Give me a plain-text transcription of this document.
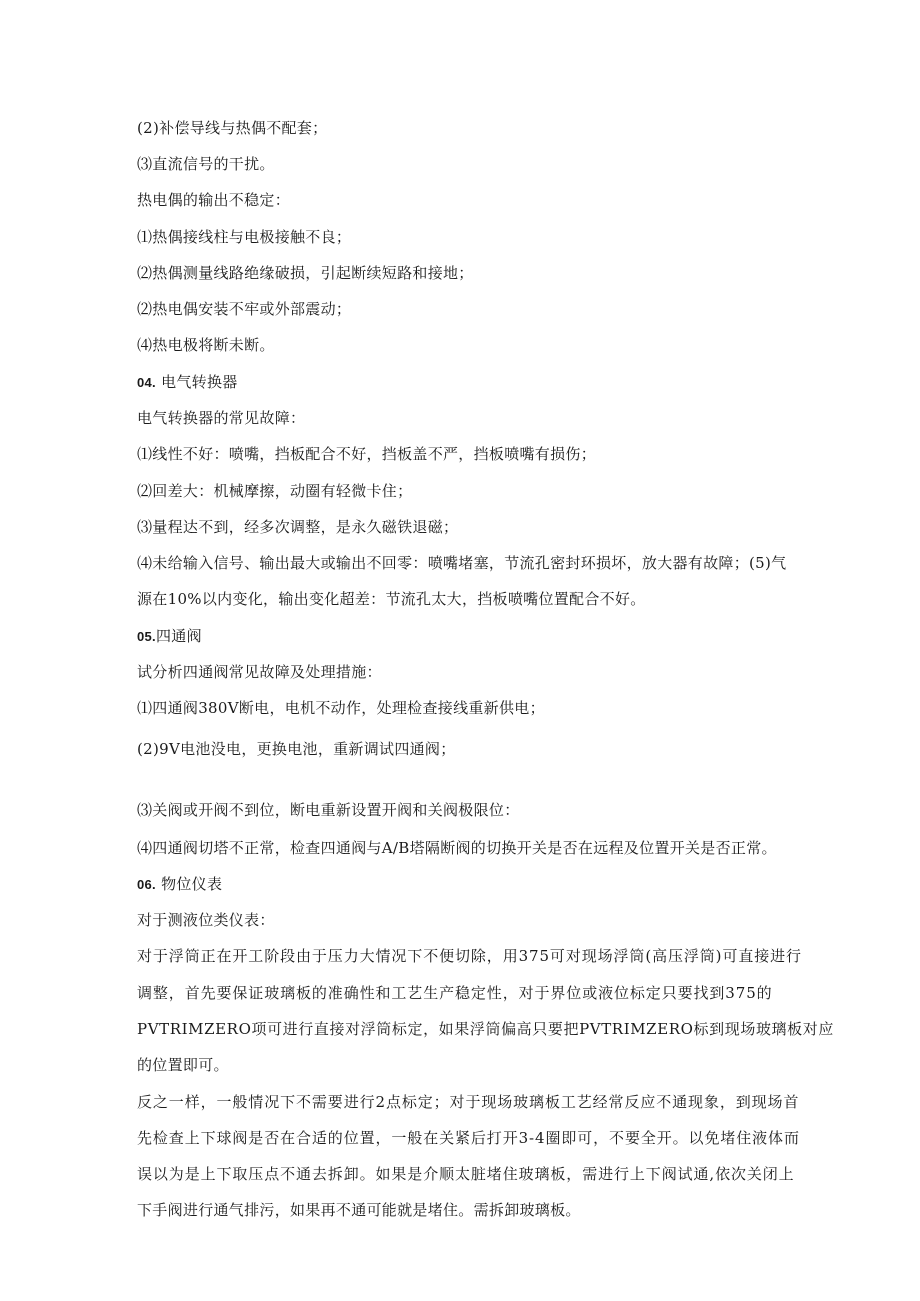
(2)补偿导线与热偶不配套；

⑶直流信号的干扰。

热电偶的输出不稳定：

⑴热偶接线柱与电极接触不良；

⑵热偶测量线路绝缘破损，引起断续短路和接地；

⑵热电偶安装不牢或外部震动；

⑷热电极将断未断。

04. 电气转换器

电气转换器的常见故障：

⑴线性不好：喷嘴，挡板配合不好，挡板盖不严，挡板喷嘴有损伤；

⑵回差大：机械摩擦，动圈有轻微卡住；

⑶量程达不到，经多次调整，是永久磁铁退磁；

⑷未给输入信号、输出最大或输出不回零：喷嘴堵塞，节流孔密封环损坏，放大器有故障；(5)气

源在10%以内变化，输出变化超差：节流孔太大，挡板喷嘴位置配合不好。

05.四通阀

试分析四通阀常见故障及处理措施：

⑴四通阀380V断电，电机不动作，处理检查接线重新供电；

(2)9V电池没电，更换电池，重新调试四通阀；

⑶关阀或开阀不到位，断电重新设置开阀和关阀极限位：

⑷四通阀切塔不正常，检查四通阀与A/B塔隔断阀的切换开关是否在远程及位置开关是否正常。

06. 物位仪表

对于测液位类仪表：

对于浮筒正在开工阶段由于压力大情况下不便切除，用375可对现场浮筒(高压浮筒)可直接进行

调整，首先要保证玻璃板的准确性和工艺生产稳定性，对于界位或液位标定只要找到375的

PVTRIMZERO项可进行直接对浮筒标定，如果浮筒偏高只要把PVTRIMZERO标到现场玻璃板对应

的位置即可。

反之一样，一般情况下不需要进行2点标定；对于现场玻璃板工艺经常反应不通现象，到现场首

先检查上下球阀是否在合适的位置，一般在关紧后打开3-4圈即可，不要全开。以免堵住液体而

误以为是上下取压点不通去拆卸。如果是介顺太脏堵住玻璃板，需进行上下阀试通,依次关闭上

下手阀进行通气排污，如果再不通可能就是堵住。需拆卸玻璃板。
